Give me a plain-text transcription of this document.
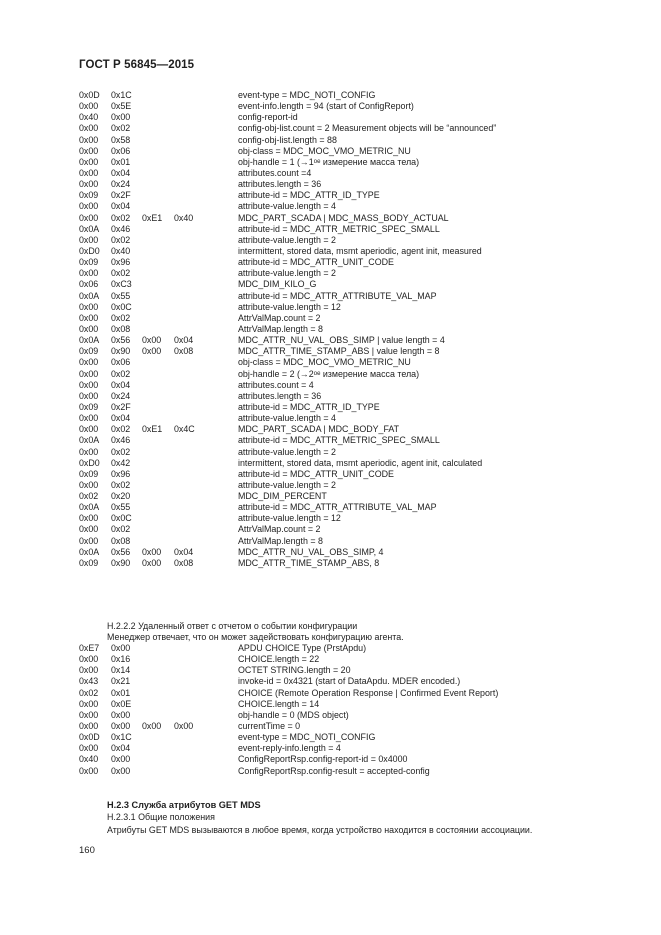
ГОСТ Р 56845—2015
0x0D 0x1C	event-type = MDC_NOTI_CONFIG
0x00 0x5E	event-info.length = 94 (start of ConfigReport)
0x40 0x00	config-report-id
0x00 0x02	config-obj-list.count = 2 Measurement objects will be “announced”
0x00 0x58	config-obj-list.length = 88
0x00 0x06	obj-class = MDC_MOC_VMO_METRIC_NU
0x00 0x01	obj-handle = 1 (→1ᵒᵉ измерение масса тела)
0x00 0x04	attributes.count =4
0x00 0x24	attributes.length = 36
0x09 0x2F	attribute-id = MDC_ATTR_ID_TYPE
0x00 0x04	attribute-value.length = 4
0x00 0x02 0xE1 0x40	MDC_PART_SCADA | MDC_MASS_BODY_ACTUAL
0x0A 0x46	attribute-id = MDC_ATTR_METRIC_SPEC_SMALL
0x00 0x02	attribute-value.length = 2
0xD0 0x40	intermittent, stored data, msmt aperiodic, agent init, measured
0x09 0x96	attribute-id = MDC_ATTR_UNIT_CODE
0x00 0x02	attribute-value.length = 2
0x06 0xC3	MDC_DIM_KILO_G
0x0A 0x55	attribute-id = MDC_ATTR_ATTRIBUTE_VAL_MAP
0x00 0x0C	attribute-value.length = 12
0x00 0x02	AttrValMap.count = 2
0x00 0x08	AttrValMap.length = 8
0x0A 0x56 0x00 0x04	MDC_ATTR_NU_VAL_OBS_SIMP | value length = 4
0x09 0x90 0x00 0x08	MDC_ATTR_TIME_STAMP_ABS | value length = 8
0x00 0x06	obj-class = MDC_MOC_VMO_METRIC_NU
0x00 0x02	obj-handle = 2 (→2ᵒᵉ измерение масса тела)
0x00 0x04	attributes.count = 4
0x00 0x24	attributes.length = 36
0x09 0x2F	attribute-id = MDC_ATTR_ID_TYPE
0x00 0x04	attribute-value.length = 4
0x00 0x02 0xE1 0x4C	MDC_PART_SCADA | MDC_BODY_FAT
0x0A 0x46	attribute-id = MDC_ATTR_METRIC_SPEC_SMALL
0x00 0x02	attribute-value.length = 2
0xD0 0x42	intermittent, stored data, msmt aperiodic, agent init, calculated
0x09 0x96	attribute-id = MDC_ATTR_UNIT_CODE
0x00 0x02	attribute-value.length = 2
0x02 0x20	MDC_DIM_PERCENT
0x0A 0x55	attribute-id = MDC_ATTR_ATTRIBUTE_VAL_MAP
0x00 0x0C	attribute-value.length = 12
0x00 0x02	AttrValMap.count = 2
0x00 0x08	AttrValMap.length = 8
0x0A 0x56 0x00 0x04	MDC_ATTR_NU_VAL_OBS_SIMP, 4
0x09 0x90 0x00 0x08	MDC_ATTR_TIME_STAMP_ABS, 8
H.2.2.2 Удаленный ответ с отчетом о событии конфигурации
Менеджер отвечает, что он может задействовать конфигурацию агента.
0xE7 0x00	APDU CHOICE Type (PrstApdu)
0x00 0x16	CHOICE.length = 22
0x00 0x14	OCTET STRING.length = 20
0x43 0x21	invoke-id = 0x4321 (start of DataApdu. MDER encoded.)
0x02 0x01	CHOICE (Remote Operation Response | Confirmed Event Report)
0x00 0x0E	CHOICE.length = 14
0x00 0x00	obj-handle = 0 (MDS object)
0x00 0x00 0x00 0x00	currentTime = 0
0x0D 0x1C	event-type = MDC_NOTI_CONFIG
0x00 0x04	event-reply-info.length = 4
0x40 0x00	ConfigReportRsp.config-report-id = 0x4000
0x00 0x00	ConfigReportRsp.config-result = accepted-config
H.2.3 Служба атрибутов GET MDS
H.2.3.1 Общие положения
Атрибуты GET MDS вызываются в любое время, когда устройство находится в состоянии ассоциации.
160
